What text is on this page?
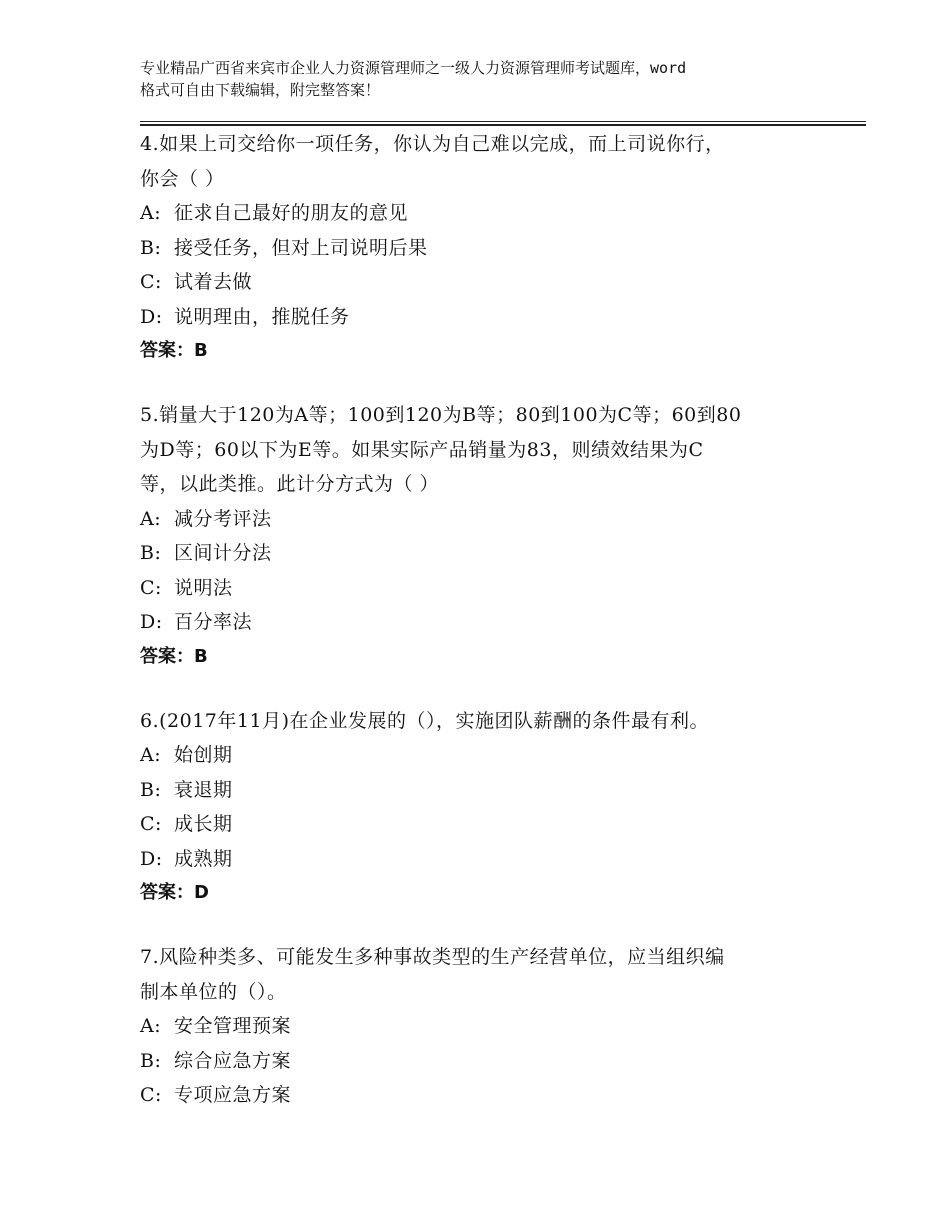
专业精品广西省来宾市企业人力资源管理师之一级人力资源管理师考试题库，word
格式可自由下载编辑，附完整答案！

4.如果上司交给你一项任务，你认为自己难以完成，而上司说你行，

你会（ ）

A: 征求自己最好的朋友的意见
B: 接受任务，但对上司说明后果
C: 试着去做
D: 说明理由，推脱任务

答案：B

5.销量大于120为A等；100到120为B等；80到100为C等；60到80

为D等；60以下为E等。如果实际产品销量为83，则绩效结果为C

等，以此类推。此计分方式为（ ）

A: 减分考评法
B: 区间计分法
C: 说明法
D: 百分率法

答案：B

6.(2017年11月)在企业发展的（），实施团队薪酬的条件最有利。

A: 始创期
B: 衰退期
C: 成长期
D: 成熟期

答案：D

7.风险种类多、可能发生多种事故类型的生产经营单位，应当组织编

制本单位的（）。

A: 安全管理预案
B: 综合应急方案
C: 专项应急方案
